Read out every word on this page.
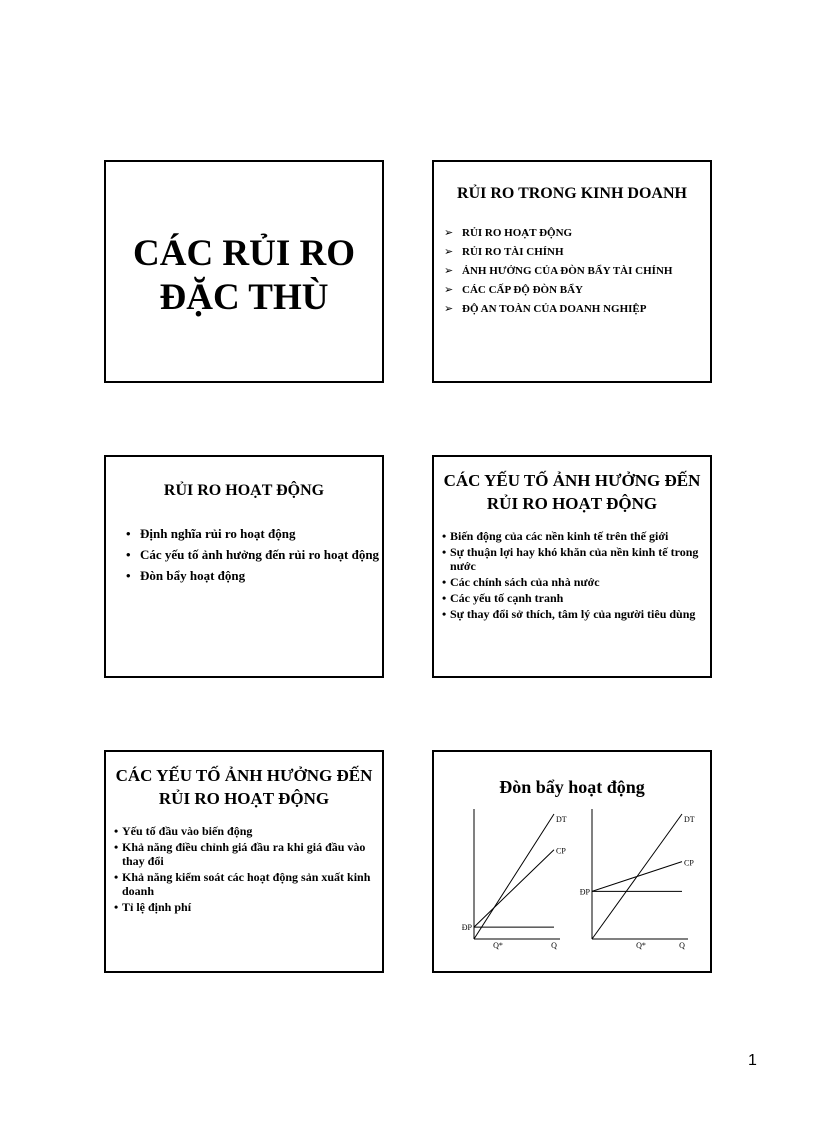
CÁC RỦI RO
ĐẶC THÙ
RỦI RO TRONG KINH DOANH
➢ RỦI RO HOẠT ĐỘNG
➢ RỦI RO TÀI CHÍNH
➢ ẢNH HƯỞNG CỦA ĐÒN BẨY TÀI CHÍNH
➢ CÁC CẤP ĐỘ ĐÒN BẨY
➢ ĐỘ AN TOÀN CỦA DOANH NGHIỆP
RỦI RO HOẠT ĐỘNG
• Định nghĩa rủi ro hoạt động
• Các yếu tố ảnh hưởng đến rủi ro hoạt động
• Đòn bẩy hoạt động
CÁC YẾU TỐ ẢNH HƯỞNG ĐẾN RỦI RO HOẠT ĐỘNG
• Biến động của các nền kinh tế trên thế giới
• Sự thuận lợi hay khó khăn của nền kinh tế trong nước
• Các chính sách của nhà nước
• Các yếu tố cạnh tranh
• Sự thay đổi sở thích, tâm lý của người tiêu dùng
CÁC YẾU TỐ ẢNH HƯỞNG ĐẾN RỦI RO HOẠT ĐỘNG
• Yếu tố đầu vào biến động
• Khả năng điều chỉnh giá đầu ra khi giá đầu vào thay đổi
• Khả năng kiểm soát các hoạt động sản xuất kinh doanh
• Tỉ lệ định phí
Đòn bẩy hoạt động
DT
CP
ĐP
Q*	Q
DT
CP
ĐP
Q*	Q
1
